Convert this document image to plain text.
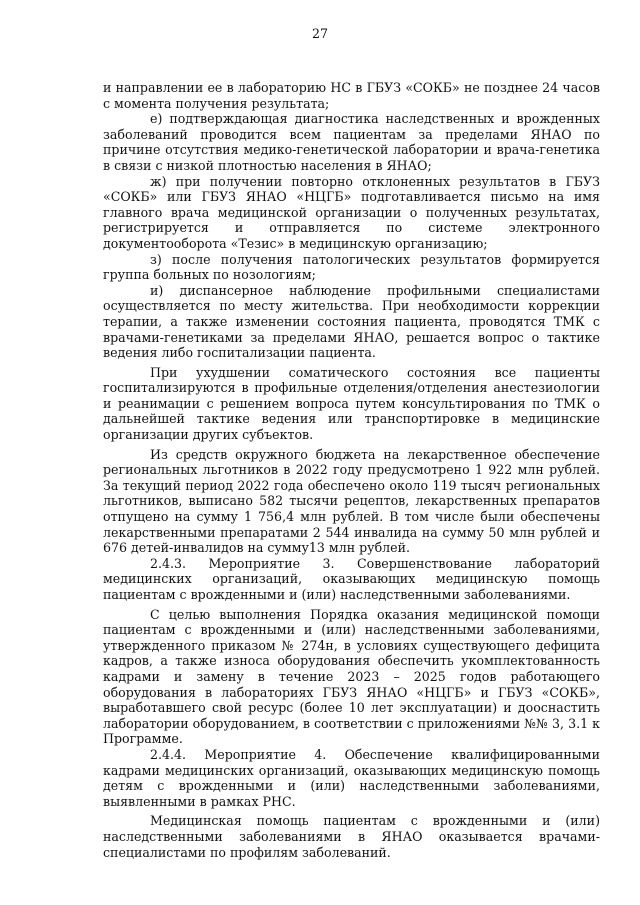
27

и направлении ее в лабораторию НС в ГБУЗ «СОКБ» не позднее 24 часов с момента получения результата;

е) подтверждающая диагностика наследственных и врожденных заболеваний проводится всем пациентам за пределами ЯНАО по причине отсутствия медико-генетической лаборатории и врача-генетика в связи с низкой плотностью населения в ЯНАО;

ж) при получении повторно отклоненных результатов в ГБУЗ «СОКБ» или ГБУЗ ЯНАО «НЦГБ» подготавливается письмо на имя главного врача медицинской организации о полученных результатах, регистрируется и отправляется по системе электронного документооборота «Тезис» в медицинскую организацию;

з) после получения патологических результатов формируется группа больных по нозологиям;

и) диспансерное наблюдение профильными специалистами осуществляется по месту жительства. При необходимости коррекции терапии, а также изменении состояния пациента, проводятся ТМК с врачами-генетиками за пределами ЯНАО, решается вопрос о тактике ведения либо госпитализации пациента.

При ухудшении соматического состояния все пациенты госпитализируются в профильные отделения/отделения анестезиологии и реанимации с решением вопроса путем консультирования по ТМК о дальнейшей тактике ведения или транспортировке в медицинские организации других субъектов.

Из средств окружного бюджета на лекарственное обеспечение региональных льготников в 2022 году предусмотрено 1 922 млн рублей. За текущий период 2022 года обеспечено около 119 тысяч региональных льготников, выписано 582 тысячи рецептов, лекарственных препаратов отпущено на сумму 1 756,4 млн рублей. В том числе были обеспечены лекарственными препаратами 2 544 инвалида на сумму 50 млн рублей и 676 детей-инвалидов на сумму13 млн рублей.

2.4.3. Мероприятие 3. Совершенствование лабораторий медицинских организаций, оказывающих медицинскую помощь пациентам с врожденными и (или) наследственными заболеваниями.

С целью выполнения Порядка оказания медицинской помощи пациентам с врожденными и (или) наследственными заболеваниями, утвержденного приказом № 274н, в условиях существующего дефицита кадров, а также износа оборудования обеспечить укомплектованность кадрами и замену в течение 2023 – 2025 годов работающего оборудования в лабораториях ГБУЗ ЯНАО «НЦГБ» и ГБУЗ «СОКБ», выработавшего свой ресурс (более 10 лет эксплуатации) и дооснастить лаборатории оборудованием, в соответствии с приложениями №№ 3, 3.1 к Программе.

2.4.4. Мероприятие 4. Обеспечение квалифицированными кадрами медицинских организаций, оказывающих медицинскую помощь детям с врожденными и (или) наследственными заболеваниями, выявленными в рамках РНС.

Медицинская помощь пациентам с врожденными и (или) наследственными заболеваниями в ЯНАО оказывается врачами-специалистами по профилям заболеваний.
